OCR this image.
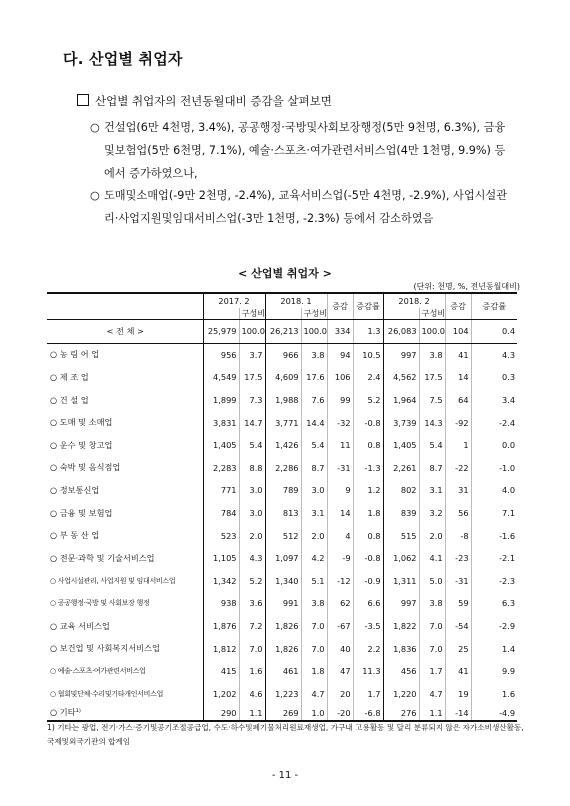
다. 산업별 취업자
산업별 취업자의 전년동월대비 증감을 살펴보면
○ 건설업(6만 4천명, 3.4%), 공공행정·국방및사회보장행정(5만 9천명, 6.3%), 금융및보험업(5만 6천명, 7.1%), 예술·스포츠·여가관련서비스업(4만 1천명, 9.9%) 등에서 증가하였으나,
○ 도매및소매업(-9만 2천명, -2.4%), 교육서비스업(-5만 4천명, -2.9%), 사업시설관리·사업지원및임대서비스업(-3만 1천명, -2.3%) 등에서 감소하였음
< 산업별 취업자 >
(단위: 천명, %, 전년동월대비)
	2017. 2		2018. 1		증감	증감률	2018. 2		증감	증감률
		구성비		구성비				구성비		
< 전 체 >	25,979	100.0	26,213	100.0	334	1.3	26,083	100.0	104	0.4
○ 농 림 어 업	956	3.7	966	3.8	94	10.5	997	3.8	41	4.3
○ 제 조 업	4,549	17.5	4,609	17.6	106	2.4	4,562	17.5	14	0.3
○ 건 설 업	1,899	7.3	1,988	7.6	99	5.2	1,964	7.5	64	3.4
○ 도매 및 소매업	3,831	14.7	3,771	14.4	-32	-0.8	3,739	14.3	-92	-2.4
○ 운수 및 창고업	1,405	5.4	1,426	5.4	11	0.8	1,405	5.4	1	0.0
○ 숙박 및 음식점업	2,283	8.8	2,286	8.7	-31	-1.3	2,261	8.7	-22	-1.0
○ 정보통신업	771	3.0	789	3.0	9	1.2	802	3.1	31	4.0
○ 금융 및 보험업	784	3.0	813	3.1	14	1.8	839	3.2	56	7.1
○ 부 동 산 업	523	2.0	512	2.0	4	0.8	515	2.0	-8	-1.6
○ 전문·과학 및 기술서비스업	1,105	4.3	1,097	4.2	-9	-0.8	1,062	4.1	-23	-2.1
○ 사업시설관리, 사업지원 및 임대서비스업	1,342	5.2	1,340	5.1	-12	-0.9	1,311	5.0	-31	-2.3
○ 공공행정·국방 및 사회보장 행정	938	3.6	991	3.8	62	6.6	997	3.8	59	6.3
○ 교육 서비스업	1,876	7.2	1,826	7.0	-67	-3.5	1,822	7.0	-54	-2.9
○ 보건업 및 사회복지서비스업	1,812	7.0	1,826	7.0	40	2.2	1,836	7.0	25	1.4
○ 예술·스포츠·여가관련서비스업	415	1.6	461	1.8	47	11.3	456	1.7	41	9.9
○ 협회및단체·수리및기타개인서비스업	1,202	4.6	1,223	4.7	20	1.7	1,220	4.7	19	1.6
○ 기타¹⁾	290	1.1	269	1.0	-20	-6.8	276	1.1	-14	-4.9
1) 기타는 광업, 전기·가스·증기및공기조절공급업, 수도·하수및폐기물처리원료재생업, 가구내 고용활동 및 달리 분류되지 않은 자가소비생산활동, 국제및외국기관의 합계임
- 11 -
